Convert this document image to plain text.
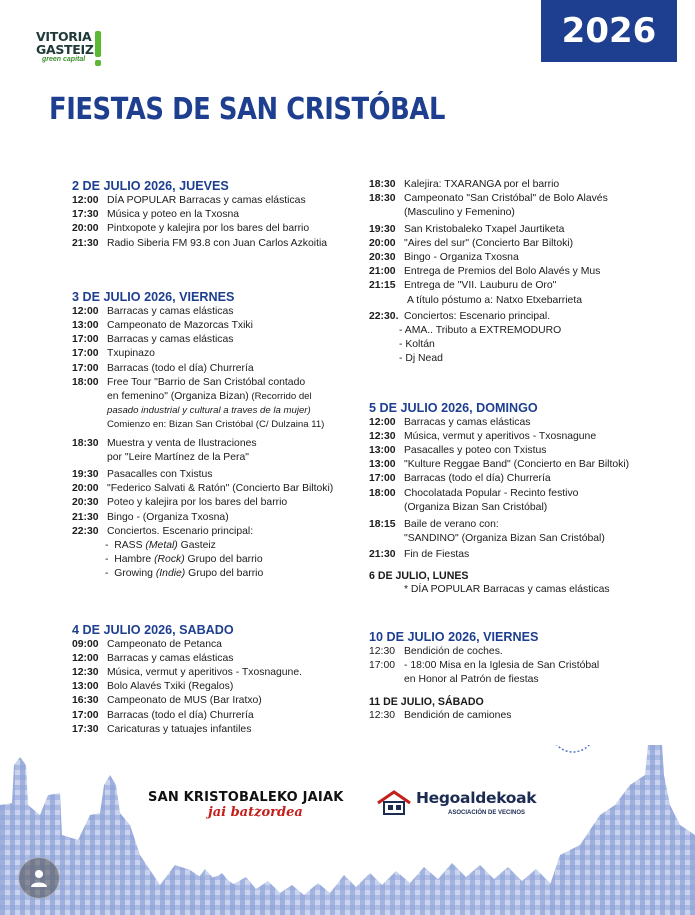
2026
VITORIA
GASTEIZ
green capital
FIESTAS DE SAN CRISTÓBAL
2 DE JULIO 2026, JUEVES
12:00 DÍA POPULAR Barracas y camas elásticas
17:30 Música y poteo en la Txosna
20:00 Pintxopote y kalejira por los bares del barrio
21:30 Radio Siberia FM 93.8 con Juan Carlos Azkoitia
3 DE JULIO 2026, VIERNES
12:00 Barracas y camas elásticas
13:00 Campeonato de Mazorcas Txiki
17:00 Barracas y camas elásticas
17:00 Txupinazo
17:00 Barracas (todo el día) Churrería
18:00 Free Tour "Barrio de San Cristóbal contado
en femenino" (Organiza Bizan) (Recorrido del
pasado industrial y cultural a traves de la mujer)
Comienzo en: Bizan San Cristóbal (C/ Dulzaina 11)
18:30 Muestra y venta de Ilustraciones
por "Leire Martínez de la Pera"
19:30 Pasacalles con Txistus
20:00 "Federico Salvati & Ratón" (Concierto Bar Biltoki)
20:30 Poteo y kalejira por los bares del barrio
21:30 Bingo - (Organiza Txosna)
22:30 Conciertos. Escenario principal:
-  RASS (Metal) Gasteiz
-  Hambre (Rock) Grupo del barrio
-  Growing (Indie) Grupo del barrio
4 DE JULIO 2026, SABADO
09:00 Campeonato de Petanca
12:00 Barracas y camas elásticas
12:30 Música, vermut y aperitivos - Txosnagune.
13:00 Bolo Alavés Txiki (Regalos)
16:30 Campeonato de MUS (Bar Iratxo)
17:00 Barracas (todo el día) Churrería
17:30 Caricaturas y tatuajes infantiles
18:30 Kalejira: TXARANGA por el barrio
18:30 Campeonato "San Cristóbal" de Bolo Alavés
(Masculino y Femenino)
19:30 San Kristobaleko Txapel Jaurtiketa
20:00 "Aires del sur" (Concierto Bar Biltoki)
20:30 Bingo - Organiza Txosna
21:00 Entrega de Premios del Bolo Alavés y Mus
21:15 Entrega de "VII. Lauburu de Oro"
A título póstumo a: Natxo Etxebarrieta
22:30. Conciertos: Escenario principal.
- AMA.. Tributo a EXTREMODURO
- Koltán
- Dj Nead
5 DE JULIO 2026, DOMINGO
12:00 Barracas y camas elásticas
12:30 Música, vermut y aperitivos - Txosnagune
13:00 Pasacalles y poteo con Txistus
13:00 "Kulture Reggae Band" (Concierto en Bar Biltoki)
17:00 Barracas (todo el día) Churrería
18:00 Chocolatada Popular - Recinto festivo
(Organiza Bizan San Cristóbal)
18:15 Baile de verano con:
"SANDINO" (Organiza Bizan San Cristóbal)
21:30 Fin de Fiestas
6 DE JULIO, LUNES
* DÍA POPULAR Barracas y camas elásticas
10 DE JULIO 2026, VIERNES
12:30 Bendición de coches.
17:00 - 18:00 Misa en la Iglesia de San Cristóbal
en Honor al Patrón de fiestas
11 DE JULIO, SÁBADO
12:30 Bendición de camiones
SAN KRISTOBALEKO JAIAK
jai batzordea
Hegoaldekoak
ASOCIACIÓN DE VECINOS
